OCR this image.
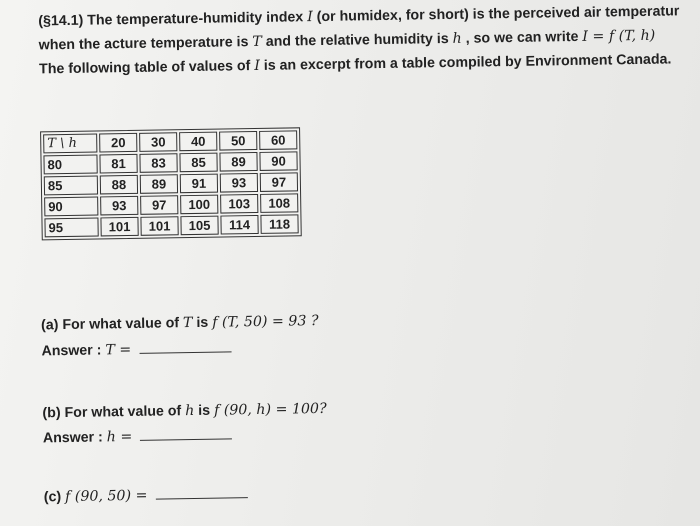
(§14.1) The temperature-humidity index I (or humidex, for short) is the perceived air temperatur
when the acture temperature is T and the relative humidity is h , so we can write I = f (T, h)
The following table of values of I is an excerpt from a table compiled by Environment Canada.
T \ h	20	30	40	50	60
80	81	83	85	89	90
85	88	89	91	93	97
90	93	97	100	103	108
95	101	101	105	114	118
(a) For what value of T is f (T, 50) = 93 ?
Answer : T =
(b) For what value of h is f (90, h) = 100?
Answer : h =
(c) f (90, 50) =
